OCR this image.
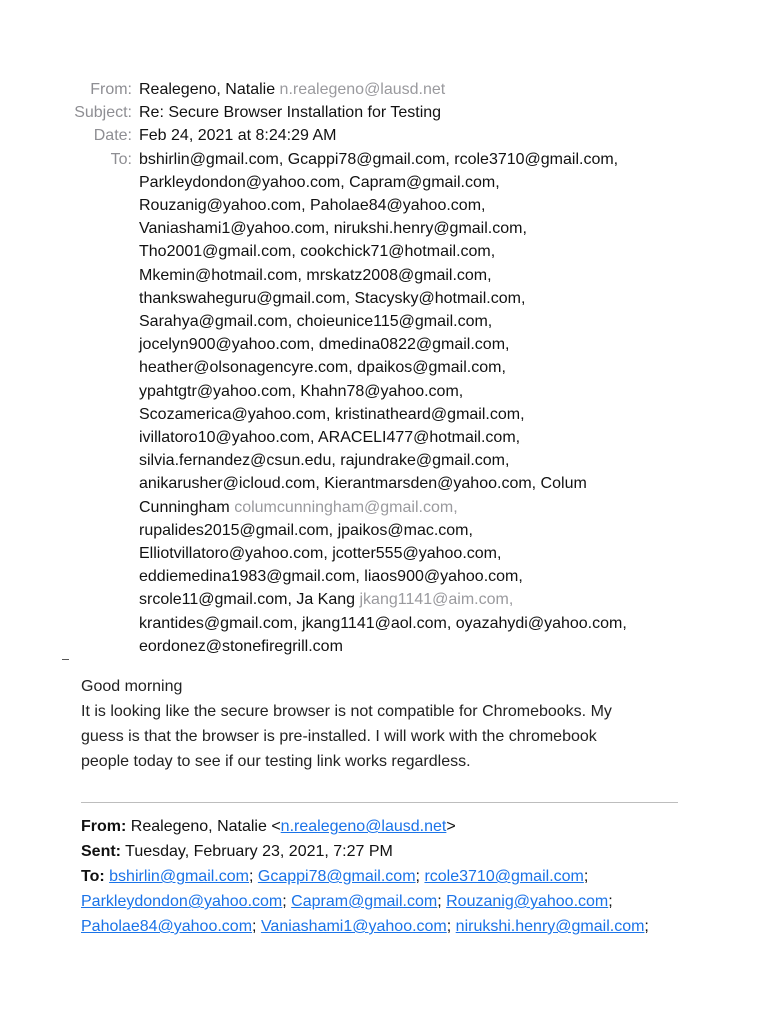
From: Realegeno, Natalie n.realegeno@lausd.net
Subject: Re: Secure Browser Installation for Testing
Date: Feb 24, 2021 at 8:24:29 AM
To: bshirlin@gmail.com, Gcappi78@gmail.com, rcole3710@gmail.com,
Parkleydondon@yahoo.com, Capram@gmail.com,
Rouzanig@yahoo.com, Paholae84@yahoo.com,
Vaniashami1@yahoo.com, nirukshi.henry@gmail.com,
Tho2001@gmail.com, cookchick71@hotmail.com,
Mkemin@hotmail.com, mrskatz2008@gmail.com,
thankswaheguru@gmail.com, Stacysky@hotmail.com,
Sarahya@gmail.com, choieunice115@gmail.com,
jocelyn900@yahoo.com, dmedina0822@gmail.com,
heather@olsonagencyre.com, dpaikos@gmail.com,
ypahtgtr@yahoo.com, Khahn78@yahoo.com,
Scozamerica@yahoo.com, kristinatheard@gmail.com,
ivillatoro10@yahoo.com, ARACELI477@hotmail.com,
silvia.fernandez@csun.edu, rajundrake@gmail.com,
anikarusher@icloud.com, Kierantmarsden@yahoo.com, Colum
Cunningham columcunningham@gmail.com,
rupalides2015@gmail.com, jpaikos@mac.com,
Elliotvillatoro@yahoo.com, jcotter555@yahoo.com,
eddiemedina1983@gmail.com, liaos900@yahoo.com,
srcole11@gmail.com, Ja Kang jkang1141@aim.com,
krantides@gmail.com, jkang1141@aol.com, oyazahydi@yahoo.com,
eordonez@stonefiregrill.com

Good morning

It is looking like the secure browser is not compatible for Chromebooks. My

guess is that the browser is pre-installed. I will work with the chromebook

people today to see if our testing link works regardless.

From: Realegeno, Natalie <n.realegeno@lausd.net>
Sent: Tuesday, February 23, 2021, 7:27 PM
To: bshirlin@gmail.com; Gcappi78@gmail.com; rcole3710@gmail.com;
Parkleydondon@yahoo.com; Capram@gmail.com; Rouzanig@yahoo.com;
Paholae84@yahoo.com; Vaniashami1@yahoo.com; nirukshi.henry@gmail.com;
